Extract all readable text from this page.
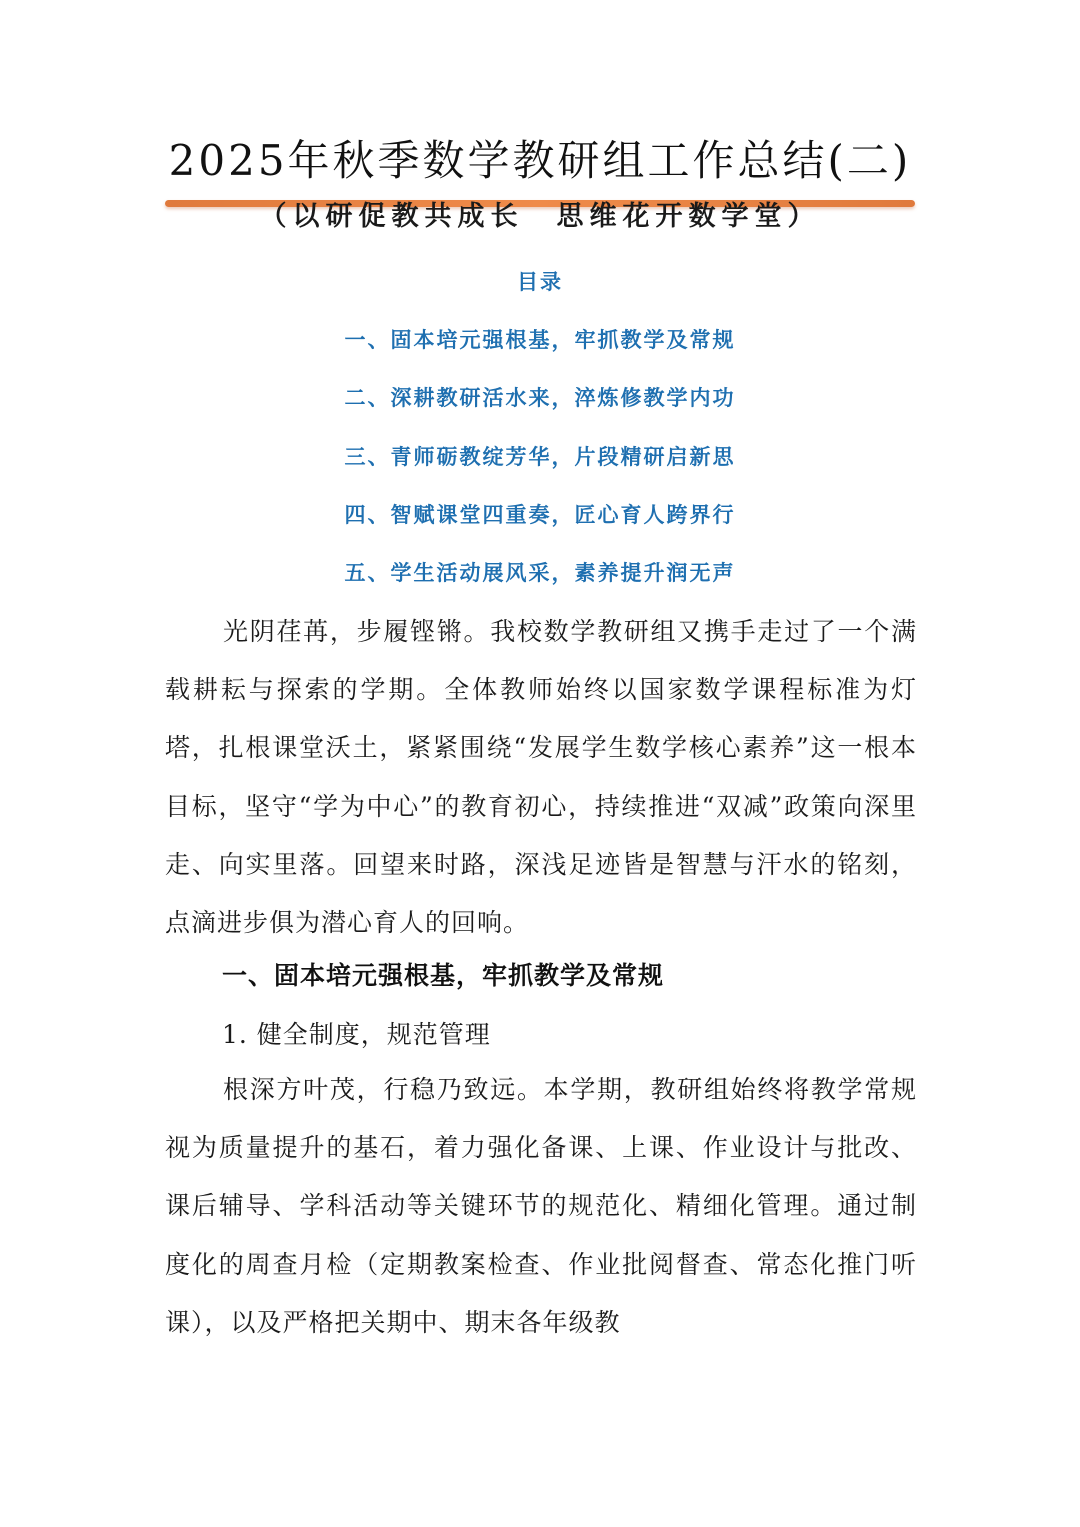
2025年秋季数学教研组工作总结(二)
（以研促教共成长　思维花开数学堂）
目录
一、固本培元强根基，牢抓教学及常规
二、深耕教研活水来，淬炼修教学内功
三、青师砺教绽芳华，片段精研启新思
四、智赋课堂四重奏，匠心育人跨界行
五、学生活动展风采，素养提升润无声

光阴荏苒，步履铿锵。我校数学教研组又携手走过了一个满载耕耘与探索的学期。全体教师始终以国家数学课程标准为灯塔，扎根课堂沃土，紧紧围绕“发展学生数学核心素养”这一根本目标，坚守“学为中心”的教育初心，持续推进“双减”政策向深里走、向实里落。回望来时路，深浅足迹皆是智慧与汗水的铭刻，点滴进步俱为潜心育人的回响。

一、固本培元强根基，牢抓教学及常规
1. 健全制度，规范管理

根深方叶茂，行稳乃致远。本学期，教研组始终将教学常规视为质量提升的基石，着力强化备课、上课、作业设计与批改、课后辅导、学科活动等关键环节的规范化、精细化管理。通过制度化的周查月检（定期教案检查、作业批阅督查、常态化推门听课），以及严格把关期中、期末各年级教
